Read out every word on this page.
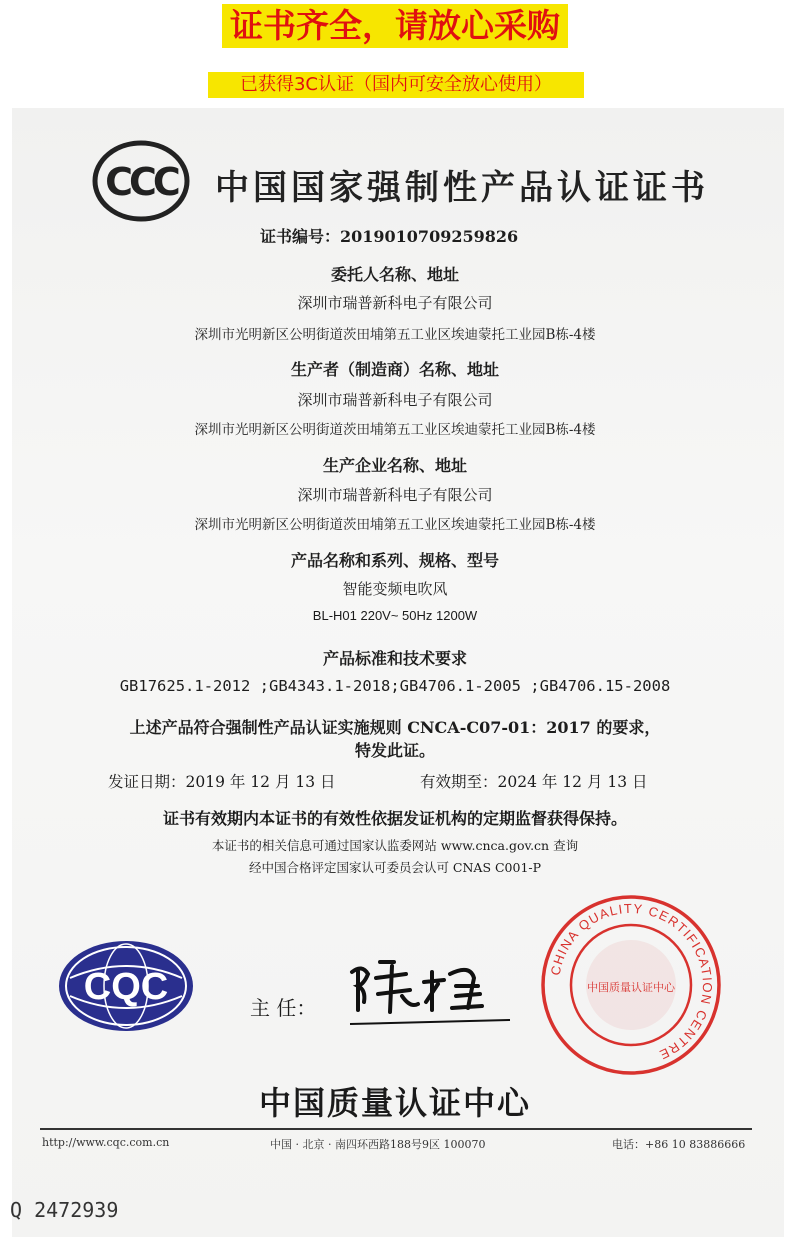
证书齐全，请放心采购
已获得3C认证（国内可安全放心使用）
CCC 中国国家强制性产品认证证书
证书编号：2019010709259826
委托人名称、地址
深圳市瑞普新科电子有限公司
深圳市光明新区公明街道茨田埔第五工业区埃迪蒙托工业园B栋-4楼
生产者（制造商）名称、地址
深圳市瑞普新科电子有限公司
深圳市光明新区公明街道茨田埔第五工业区埃迪蒙托工业园B栋-4楼
生产企业名称、地址
深圳市瑞普新科电子有限公司
深圳市光明新区公明街道茨田埔第五工业区埃迪蒙托工业园B栋-4楼
产品名称和系列、规格、型号
智能变频电吹风
BL-H01 220V~ 50Hz 1200W
产品标准和技术要求
GB17625.1-2012 ;GB4343.1-2018;GB4706.1-2005 ;GB4706.15-2008
上述产品符合强制性产品认证实施规则 CNCA-C07-01：2017 的要求，
特发此证。
发证日期：2019 年 12 月 13 日	有效期至：2024 年 12 月 13 日
证书有效期内本证书的有效性依据发证机构的定期监督获得保持。
本证书的相关信息可通过国家认监委网站 www.cnca.gov.cn 查询
经中国合格评定国家认可委员会认可 CNAS C001-P
CQC	主 任：
CHINA QUALITY CERTIFICATION CENTRE
中国质量认证中心
中国质量认证中心
http://www.cqc.com.cn	中国 · 北京 · 南四环西路188号9区 100070	电话：+86 10 83886666
Q 2472939
